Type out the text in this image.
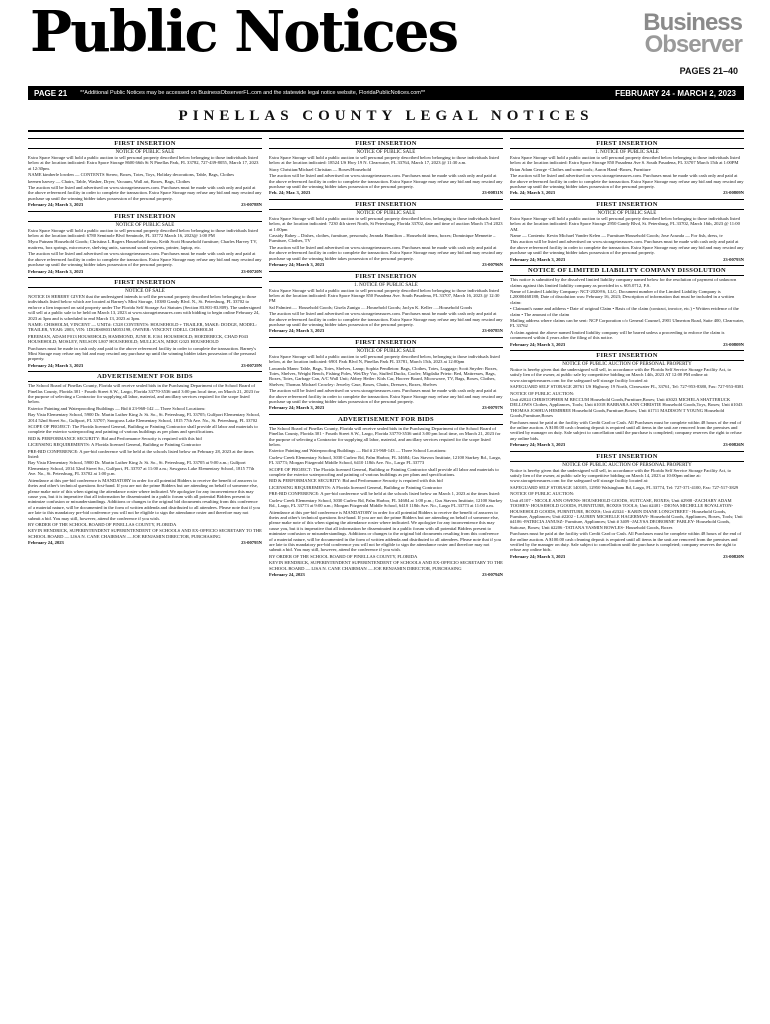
Public Notices	Business
Observer
PAGES 21–40
PAGE 21	**Additional Public Notices may be accessed on BusinessObserverFL.com and the statewide legal notice website, FloridaPublicNotices.com**	FEBRUARY 24 - MARCH 2, 2023
PINELLAS COUNTY LEGAL NOTICES
FIRST INSERTION
NOTICE OF PUBLIC SALE
Extra Space Storage will hold a public auction to sell personal property described below belonging to those individuals listed below at the location indicated: Extra Space Storage 8600 66th St N Pinellas Park, FL 33782, 727-439-8055, March 17, 2023 at 12:30pm.
NAME kimberle lowden — CONTENTS Stereo, Boxes, Totes, Toys, Holiday decorations, Table, Bags, Clothes
keenen harvey — Chairs, Table, Washer, Dryer, Vacuum, Wall art, Boxes, Bags, Clothes
The auction will be listed and advertised on www.storagetreasures.com. Purchases must be made with cash only and paid at the above referenced facility in order to complete the transaction. Extra Space Storage may refuse any bid and may rescind any purchase up until the winning bidder takes possession of the personal property.
February 24; March 3, 2023	23-00788N
FIRST INSERTION
NOTICE OF PUBLIC SALE
Extra Space Storage will hold a public auction to sell personal property described below belonging to those individuals listed below at the location indicated: 6780 Seminole Blvd Seminole, FL 33772 March 16, 2023@ 1:00 PM
Myra Putnam Household Goods; Christina L Rogers Household items; Keith Scott Household furniture; Charles Harvey TV, mattress, box springs, microwave, shelving units, surround sound systems, printer, laptop, etc.
The auction will be listed and advertised on www.storagetreasures.com. Purchases must be made with cash only and paid at the above referenced facility in order to complete the transaction. Extra Space Storage may refuse any bid and may rescind any purchase up until the winning bidder takes possession of the personal property.
February 24; March 3, 2023	23-00720N
FIRST INSERTION
NOTICE OF SALE
NOTICE IS HEREBY GIVEN that the undersigned intends to sell the personal property described below belonging to those individuals listed below which are located at Barney's Mini Storage, 10380 Gandy Blvd. N., St. Petersburg, FL 33702 to enforce a lien imposed on said property under The Florida Self Storage Act Statutes (Section 83.801-83.809). The undersigned will sell at a public sale to be held on March 13, 2023 at www.storagetreasures.com with bidding to begin online February 24, 2023 at 3pm and is scheduled to end March 13, 2023 at 3pm.
NAME: CHISHOLM, VINCENT — UNIT#: C528 CONTENTS: HOUSEHOLD + TRAILER, MAKE: DODGE, MODEL: TRAILER, YEAR: 2003, VIN: 1DGRS08031M053198, OWNER: VINCENT ODELL CHISHOLM
FREEMAN, ADAM F013 HOUSEHOLD; HAMMOND, JUNE R. E161 HOUSEHOLD; HOEDEBECK, CHAD F043 HOUSEHOLD; MOSLEY, NELSON L807 HOUSEHOLD; MULLICAN, MIKE G023 HOUSEHOLD
Purchases must be made in cash only and paid to the above referenced facility in order to complete the transaction. Barney's Mini Storage may refuse any bid and may rescind any purchase up until the winning bidder takes possession of the personal property.
February 24; March 3, 2023	23-00729N
ADVERTISEMENT FOR BIDS
The School Board of Pinellas County, Florida will receive sealed bids in the Purchasing Department of the School Board of Pinellas County, Florida 301 - Fourth Street S.W., Largo, Florida 33770-3536 until 3:00 pm local time, on March 21, 2023 for the purpose of selecting a Contractor for supplying all labor, material, and ancillary services required for the scope listed below.
Exterior Painting and Waterproofing Buildings — Bid # 23-968-142 — Three School Locations:
Bay Vista Elementary School, 5900 Dr. Martin Luther King Jr. St. So., St. Petersburg, FL 33705; Gulfport Elementary School, 2014 52nd Street So., Gulfport, FL 33707; Sawgrass Lake Elementary School, 1815 77th Ave. No., St. Petersburg, FL 33702
SCOPE OF PROJECT: The Florida licensed General, Building or Painting Contractor shall provide all labor and materials to complete the exterior waterproofing and painting of various buildings as per plans and specifications.
BID & PERFORMANCE SECURITY: Bid and Performance Security is required with this bid
LICENSING REQUIREMENTS: A Florida licensed General, Building or Painting Contractor
PRE-BID CONFERENCE: A pre-bid conference will be held at the schools listed below on February 28, 2023 at the times listed:
Bay Vista Elementary School, 5900 Dr. Martin Luther King Jr. St. So., St. Petersburg, FL 33705 at 9:00 a.m.; Gulfport Elementary School, 2014 52nd Street So., Gulfport, FL 33707 at 11:00 a.m.; Sawgrass Lake Elementary School, 1815 77th Ave. No., St. Petersburg, FL 33702 at 1:00 p.m.
Attendance at this pre-bid conference is MANDATORY in order for all potential Bidders to receive the benefit of answers to theirs and other's technical questions first-hand. If you are not the prime Bidders but are attending on behalf of someone else, please make note of this when signing the attendance roster where indicated. We apologize for any inconvenience this may cause you, but it is imperative that all information be disseminated in a public forum with all potential Bidders present to minimize confusion or misunderstandings. Additions or changes to the original bid documents resulting from this conference of a material nature, will be documented in the form of written addenda and distributed to all attendees. Please note that if you are late to this mandatory pre-bid conference you will not be eligible to sign the attendance roster and therefore may not submit a bid. You may still, however, attend the conference if you wish.
BY ORDER OF THE SCHOOL BOARD OF PINELLAS COUNTY, FLORIDA
KEVIN HENDRICK, SUPERINTENDENT SUPERINTENDENT OF SCHOOLS AND EX-OFFICIO SECRETARY TO THE SCHOOL BOARD — LISA N. CANE CHAIRMAN — JOE BENJAMIN DIRECTOR, PURCHASING
February 24, 2023	23-00795N
FIRST INSERTION
NOTICE OF PUBLIC SALE
Extra Space Storage will hold a public auction to sell personal property described below belonging to those individuals listed below at the location indicated: 18524 US Hwy 19 N. Clearwater, FL 33764, March 17, 2023 @ 11:30 a.m.
Stacy Christian/Michael Christian — Boxes/Household
The auction will be listed and advertised on www.storagetreasures.com. Purchases must be made with cash only and paid at the above referenced facility in order to complete the transaction. Extra Space Storage may refuse any bid and may rescind any purchase up until the winning bidder takes possession of the personal property.
Feb. 24; Mar. 3, 2023	23-00831N
FIRST INSERTION
NOTICE OF PUBLIC SALE
Extra Space Storage will hold a public auction to sell personal property described below, belonging to those individuals listed below, at the location indicated: 7230 4th street North, St Petersburg, Florida 33702, date and time of auction March 17rd 2023 at 1:00pm
Cassidy Rahey – Dishes, clothes, furniture, personals; Jeranda Hamilton – Household items, boxes; Dominique Mennette – Furniture, Clothes, TV
The auction will be listed and advertised on www.storagetreasures.com. Purchases must be made with cash only and paid at the above referenced facility in order to complete the transaction. Extra Space Storage may refuse any bid and may rescind any purchase up until the winning bidder takes possession of the personal property.
February 24; March 3, 2023	23-00796N
FIRST INSERTION
1. NOTICE OF PUBLIC SALE
Extra Space Storage will hold a public auction to sell personal property described below belonging to those individuals listed below at the location indicated: Extra Space Storage 850 Pasadena Ave. South Pasadena, FL 33707, March 16, 2023 @ 12:30 PM
Sal Palmieri..... Household Goods; Gisela Zuniga .....Household Goods; Jaclyn K. Keller .....Household Goods
The auction will be listed and advertised on www.storagetreasures.com. Purchases must be made with cash only and paid at the above referenced facility in order to complete the transaction. Extra Space Storage may refuse any bid and may rescind any purchase up until the winning bidder takes possession of the personal property.
February 24; March 3, 2023	23-00785N
FIRST INSERTION
NOTICE OF PUBLIC SALE
Extra Space Storage will hold a public auction to sell personal property described below, belonging to those individuals listed below, at the location indicated: 6901 Park Blvd N, Pinellas Park FL 33781, March 15th, 2023 at 12:00pm
Lawanda Mann: Table, Bags, Totes, Shelves, Lamp; Sophia Pendleton: Bags, Clothes, Totes, Luggage; Scott Snyder: Boxes, Totes, Shelves, Weight Bench, Fishing Poles, Wet/Dry Vac, Stuffed Ducks, Cooler; Migdalia Prieto: Bed, Mattresses, Bags, Boxes, Totes, Garbage Can, A/C Wall Unit; Abbey Heiler: Kids Car, Hoover Board, Microwave, TV, Bags, Boxes, Clothes, Shelves; Thomas Michael Crowley: Jewelry Case, Boxes, Chairs, Dressers, Boxes, Shelves
The auction will be listed and advertised on www.storagetreasures.com. Purchases must be made with cash only and paid at the above referenced facility in order to complete the transaction. Extra Space Storage may refuse any bid and may rescind any purchase up until the winning bidder takes possession of the personal property.
February 24; March 3, 2023	23-00797N
ADVERTISEMENT FOR BIDS
The School Board of Pinellas County, Florida will receive sealed bids in the Purchasing Department of the School Board of Pinellas County, Florida 301 - Fourth Street S.W., Largo, Florida 33770-3536 until 3:00 pm local time, on March 21, 2023 for the purpose of selecting a Contractor for supplying all labor, material, and ancillary services required for the scope listed below.
Exterior Painting and Waterproofing Buildings — Bid # 23-968-143 — Three School Locations:
Curlew Creek Elementary School, 3030 Curlew Rd, Palm Harbor, FL 34684; Gus Stavros Institute, 12100 Starkey Rd., Largo, FL 33773; Morgan Fitzgerald Middle School, 6410 118th Ave. No., Largo FL 33773
SCOPE OF PROJECT: The Florida licensed General, Building or Painting Contractor shall provide all labor and materials to complete the exterior waterproofing and painting of various buildings as per plans and specifications.
BID & PERFORMANCE SECURITY: Bid and Performance Security is required with this bid
LICENSING REQUIREMENTS: A Florida licensed General, Building or Painting Contractor
PRE-BID CONFERENCE: A pre-bid conference will be held at the schools listed below on March 1, 2023 at the times listed:
Curlew Creek Elementary School, 3030 Curlew Rd, Palm Harbor, FL 34684 at 1:00 p.m.; Gus Stavros Institute, 12100 Starkey Rd., Largo, FL 33773 at 9:00 a.m.; Morgan Fitzgerald Middle School, 6410 118th Ave. No., Largo FL 33773 at 11:00 a.m.
Attendance at this pre-bid conference is MANDATORY in order for all potential Bidders to receive the benefit of answers to theirs and other's technical questions first-hand. If you are not the prime Bidders but are attending on behalf of someone else, please make note of this when signing the attendance roster where indicated. We apologize for any inconvenience this may cause you, but it is imperative that all information be disseminated in a public forum with all potential Bidders present to minimize confusion or misunderstandings. Additions or changes to the original bid documents resulting from this conference of a material nature, will be documented in the form of written addenda and distributed to all attendees. Please note that if you are late to this mandatory pre-bid conference you will not be eligible to sign the attendance roster and therefore may not submit a bid. You may still, however, attend the conference if you wish.
BY ORDER OF THE SCHOOL BOARD OF PINELLAS COUNTY, FLORIDA
KEVIN HENDRICK, SUPERINTENDENT SUPERINTENDENT OF SCHOOLS AND EX-OFFICIO SECRETARY TO THE SCHOOL BOARD — LISA N. CANE CHAIRMAN — JOE BENJAMIN DIRECTOR, PURCHASING
February 24, 2023	23-00794N
FIRST INSERTION
1. NOTICE OF PUBLIC SALE
Extra Space Storage will hold a public auction to sell personal property described below belonging to those individuals listed below at the location indicated: Extra Space Storage 850 Pasadena Ave S. South Pasadena, FL 33707 March 15th at 1:00PM
Brian Adam George -Clothes and some tools; Aaron Hand -Boxes, Furniture
The auction will be listed and advertised on www.storagetreasures.com. Purchases must be made with cash only and paid at the above referenced facility in order to complete the transaction. Extra Space Storage may refuse any bid and may rescind any purchase up until the winning bidder takes possession of the personal property.
Feb. 24; March 3, 2023	23-00809N
FIRST INSERTION
NOTICE OF PUBLIC SALE
Extra Space Storage will hold a public auction to sell personal property described below belonging to those individuals listed below at the location indicated: Extra Space Storage 2950 Gandy Blvd, St. Petersburg, FL 33702, March 16th, 2023 @ 11:00 AM.
Name — Contents: Kevin Michael Vander Kelen — Furniture/Household Goods; Jose Acunda — For fish, dress, tv
This auction will be listed and advertised on www.storagetreasures.com. Purchases must be made with cash only and paid at the above referenced facility in order to complete the transaction. Extra Space Storage may refuse any bid and may rescind any purchase up until the winning bidder takes possession of the personal property.
February 24; March 3, 2023	23-00793N
NOTICE OF LIMITED LIABILITY COMPANY DISSOLUTION
This notice is submitted by the dissolved limited liability company named below for the resolution of payment of unknown claims against this limited liability company as provided in s. 605.0712, F.S.
Name of Limited Liability Company: NCT-2020®6, LLC; Document number of the Limited Liability Company is L20000468188; Date of dissolution was: February 16, 2023; Description of information that must be included in a written claim:
• Claimant's name and address • Date of original Claim • Basis of the claim (contract, invoice, etc.) • Written evidence of the claim • The amount of the claim
Mailing address where claims can be sent: NCP Corporation c/o General Counsel, 2901 Ulmerton Road, Suite 400, Clearwater, FL 33762
A claim against the above named limited liability company will be barred unless a proceeding to enforce the claim is commenced within 4 years after the filing of this notice.
February 24; March 3, 2023	23-00809N
FIRST INSERTION
NOTICE OF PUBLIC AUCTION OF PERSONAL PROPERTY
Notice is hereby given that the undersigned will sell, in accordance with the Florida Self Service Storage Facility Act, to satisfy lien of the owner, at public sale by competitive bidding on March 14th, 2023 AT 12:00 PM online at: www.storagetreasures.com for the safeguard self storage facility located at:
SAFEGUARD SELF STORAGE 28761 US Highway 19 North, Clearwater FL, 33761, Tel: 727-953-8380, Fax: 727-953-8381
NOTICE OF PUBLIC AUCTION:
Unit #2024 CHRISTOPHER M BECCUM Household Goods,Furniture,Boxes; Unit #3023 MICHELA SHATTERUCK DELLOWS Clothes, Appliances, Tools; Unit #1018 BARBARA ANN CHRISTIE Household Goods,Toys, Boxes; Unit #1043 THOMAS JOSHUA HEMBREE Household Goods,Furniture,Boxes; Unit #1711 MADISON T YOUNG Household Goods,Furniture,Boxes
Purchases must be paid at the facility with Credit Card or Cash. All Purchases must be complete within 48 hours of the end of the online auction. A $100.00 cash cleaning deposit is required until all items in the unit are removed from the premises and verified by manager on duty. Sale subject to cancellation until the purchase is completed; company reserves the right to refuse any online bids.
February 24; March 3, 2023	23-00826N
FIRST INSERTION
NOTICE OF PUBLIC AUCTION OF PERSONAL PROPERTY
Notice is hereby given that the undersigned will sell, in accordance with the Florida Self Service Storage Facility Act, to satisfy lien of the owner, at public sale by competitive bidding on March 14, 2023 at 10:00pm online at: www.storagetreasures.com for the safeguard self storage facility located at:
SAFEGUARD SELF STORAGE 140105, 12950 Walsingham Rd, Largo, FL 33774, Tel: 727-371-4100, Fax: 727-517-3829
NOTICE OF PUBLIC AUCTION:
Unit #1107 - NICOLE ANN OWENS- HOUSEHOLD GOODS, SUITCASE, BOXES; Unit #2908 -ZACHARY ADAM TOOHEY- HOUSEHOLD GOODS, FURNITURE, BOXES TOOLS; Unit #2401 - DIONA MICHELLE ROYALSTON- HOUSEHOLD GOODS, FURNITURE, BOXES; Unit #2324 - KARIN DIANE LONGSTREET - Household Goods, Furniture, Appliances; Unit #2202 - LAUREN MICHELLE HAGERMAN- Household Goods, Appliances, Boxes, Tools; Unit #4106 -PATRICIA JANUSZ- Furniture, Appliances; Unit # 3409 -JALYSA DEOBORNE' FARLEY- Household Goods, Suitcase, Boxes; Unit #2206 -TATIANA YASMIN BOWLES- Household Goods, Boxes
Purchases must be paid at the facility with Credit Card or Cash. All Purchases must be complete within 48 hours of the end of the online auction. A $100.00 cash cleaning deposit is required until all items in the unit are removed from the premises and verified by the manager on duty. Sale subject to cancellation until the purchase is completed; company reserves the right to refuse any online bids.
February 24; March 3, 2023	23-00820N
